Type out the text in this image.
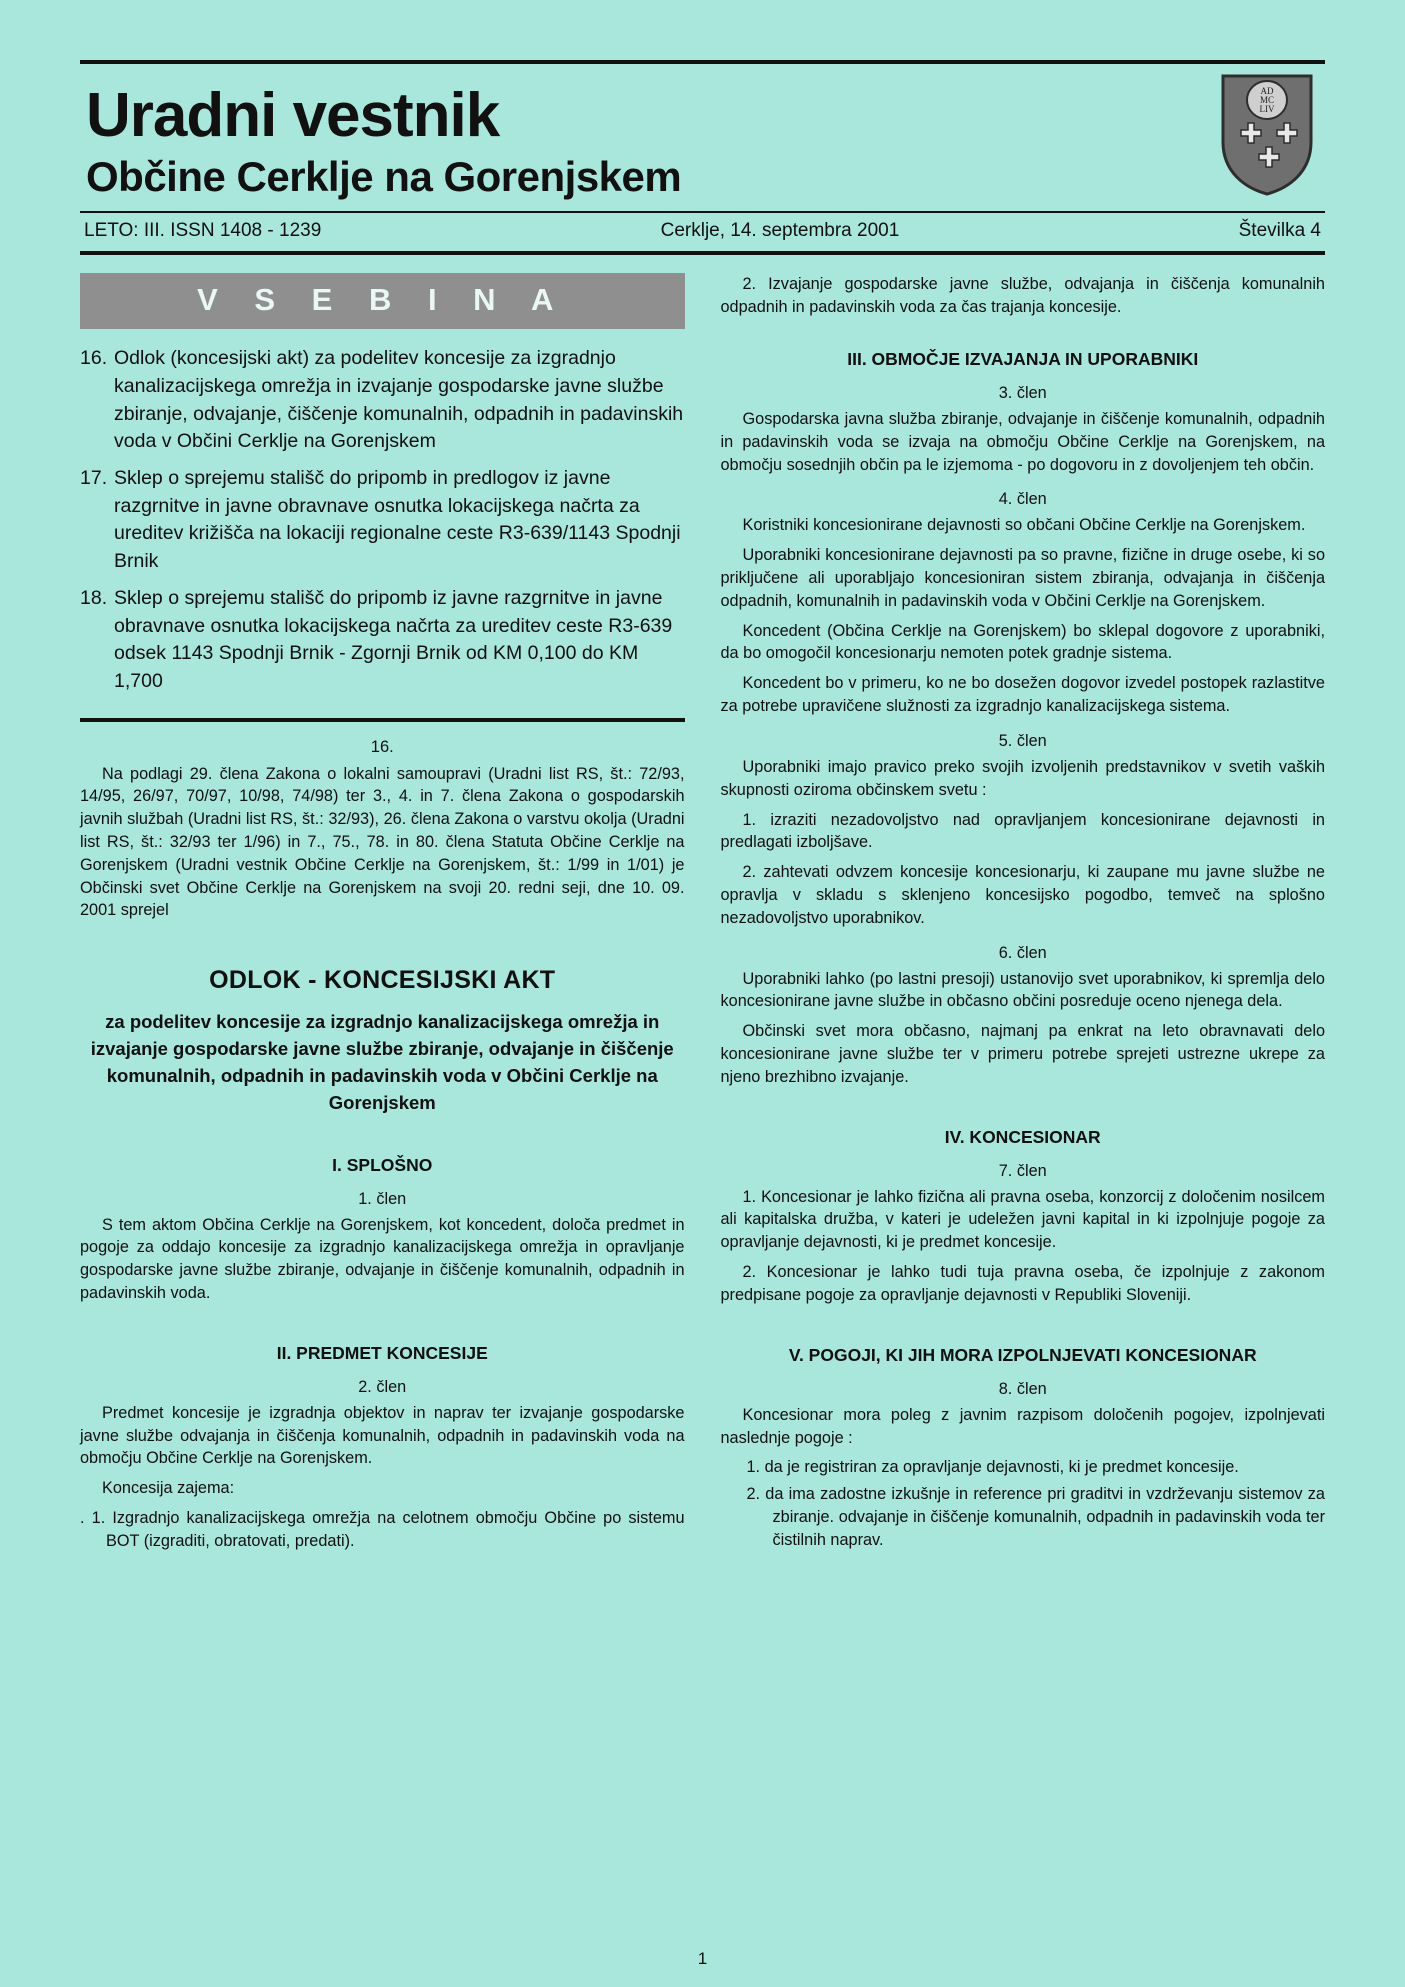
AD
MC
LIV
Uradni vestnik
Občine Cerklje na Gorenjskem
LETO: III. ISSN 1408 - 1239	Cerklje, 14. septembra 2001	Številka 4
V S E B I N A
16. Odlok (koncesijski akt) za podelitev koncesije za izgradnjo kanalizacijskega omrežja in izvajanje gospodarske javne službe zbiranje, odvajanje, čiščenje komunalnih, odpadnih in padavinskih voda v Občini Cerklje na Gorenjskem
17. Sklep o sprejemu stališč do pripomb in predlogov iz javne razgrnitve in javne obravnave osnutka lokacijskega načrta za ureditev križišča na lokaciji regionalne ceste R3-639/1143 Spodnji Brnik
18. Sklep o sprejemu stališč do pripomb iz javne razgrnitve in javne obravnave osnutka lokacijskega načrta za ureditev ceste R3-639 odsek 1143 Spodnji Brnik - Zgornji Brnik od KM 0,100 do KM 1,700
16.

Na podlagi 29. člena Zakona o lokalni samoupravi (Uradni list RS, št.: 72/93, 14/95, 26/97, 70/97, 10/98, 74/98) ter 3., 4. in 7. člena Zakona o gospodarskih javnih službah (Uradni list RS, št.: 32/93), 26. člena Zakona o varstvu okolja (Uradni list RS, št.: 32/93 ter 1/96) in 7., 75., 78. in 80. člena Statuta Občine Cerklje na Gorenjskem (Uradni vestnik Občine Cerklje na Gorenjskem, št.: 1/99 in 1/01) je Občinski svet Občine Cerklje na Gorenjskem na svoji 20. redni seji, dne 10. 09. 2001 sprejel

ODLOK - KONCESIJSKI AKT
za podelitev koncesije za izgradnjo kanalizacijskega omrežja in izvajanje gospodarske javne službe zbiranje, odvajanje in čiščenje komunalnih, odpadnih in padavinskih voda v Občini Cerklje na Gorenjskem
I. SPLOŠNO
1. člen

S tem aktom Občina Cerklje na Gorenjskem, kot koncedent, določa predmet in pogoje za oddajo koncesije za izgradnjo kanalizacijskega omrežja in opravljanje gospodarske javne službe zbiranje, odvajanje in čiščenje komunalnih, odpadnih in padavinskih voda.

II. PREDMET KONCESIJE
2. člen

Predmet koncesije je izgradnja objektov in naprav ter izvajanje gospodarske javne službe odvajanja in čiščenja komunalnih, odpadnih in padavinskih voda na območju Občine Cerklje na Gorenjskem.

Koncesija zajema:

. 1. Izgradnjo kanalizacijskega omrežja na celotnem območju Občine po sistemu BOT (izgraditi, obratovati, predati).

2. Izvajanje gospodarske javne službe, odvajanja in čiščenja komunalnih odpadnih in padavinskih voda za čas trajanja koncesije.

III. OBMOČJE IZVAJANJA IN UPORABNIKI
3. člen

Gospodarska javna služba zbiranje, odvajanje in čiščenje komunalnih, odpadnih in padavinskih voda se izvaja na območju Občine Cerklje na Gorenjskem, na območju sosednjih občin pa le izjemoma - po dogovoru in z dovoljenjem teh občin.

4. člen

Koristniki koncesionirane dejavnosti so občani Občine Cerklje na Gorenjskem.

Uporabniki koncesionirane dejavnosti pa so pravne, fizične in druge osebe, ki so priključene ali uporabljajo koncesioniran sistem zbiranja, odvajanja in čiščenja odpadnih, komunalnih in padavinskih voda v Občini Cerklje na Gorenjskem.

Koncedent (Občina Cerklje na Gorenjskem) bo sklepal dogovore z uporabniki, da bo omogočil koncesionarju nemoten potek gradnje sistema.

Koncedent bo v primeru, ko ne bo dosežen dogovor izvedel postopek razlastitve za potrebe upravičene služnosti za izgradnjo kanalizacijskega sistema.

5. člen

Uporabniki imajo pravico preko svojih izvoljenih predstavnikov v svetih vaških skupnosti oziroma občinskem svetu :

1. izraziti nezadovoljstvo nad opravljanjem koncesionirane dejavnosti in predlagati izboljšave.

2. zahtevati odvzem koncesije koncesionarju, ki zaupane mu javne službe ne opravlja v skladu s sklenjeno koncesijsko pogodbo, temveč na splošno nezadovoljstvo uporabnikov.

6. člen

Uporabniki lahko (po lastni presoji) ustanovijo svet uporabnikov, ki spremlja delo koncesionirane javne službe in občasno občini posreduje oceno njenega dela.

Občinski svet mora občasno, najmanj pa enkrat na leto obravnavati delo koncesionirane javne službe ter v primeru potrebe sprejeti ustrezne ukrepe za njeno brezhibno izvajanje.

IV. KONCESIONAR
7. člen

1. Koncesionar je lahko fizična ali pravna oseba, konzorcij z določenim nosilcem ali kapitalska družba, v kateri je udeležen javni kapital in ki izpolnjuje pogoje za opravljanje dejavnosti, ki je predmet koncesije.

2. Koncesionar je lahko tudi tuja pravna oseba, če izpolnjuje z zakonom predpisane pogoje za opravljanje dejavnosti v Republiki Sloveniji.

V. POGOJI, KI JIH MORA IZPOLNJEVATI KONCESIONAR
8. člen

Koncesionar mora poleg z javnim razpisom določenih pogojev, izpolnjevati naslednje pogoje :

1. da je registriran za opravljanje dejavnosti, ki je predmet koncesije.

2. da ima zadostne izkušnje in reference pri graditvi in vzdrževanju sistemov za zbiranje. odvajanje in čiščenje komunalnih, odpadnih in padavinskih voda ter čistilnih naprav.

1
